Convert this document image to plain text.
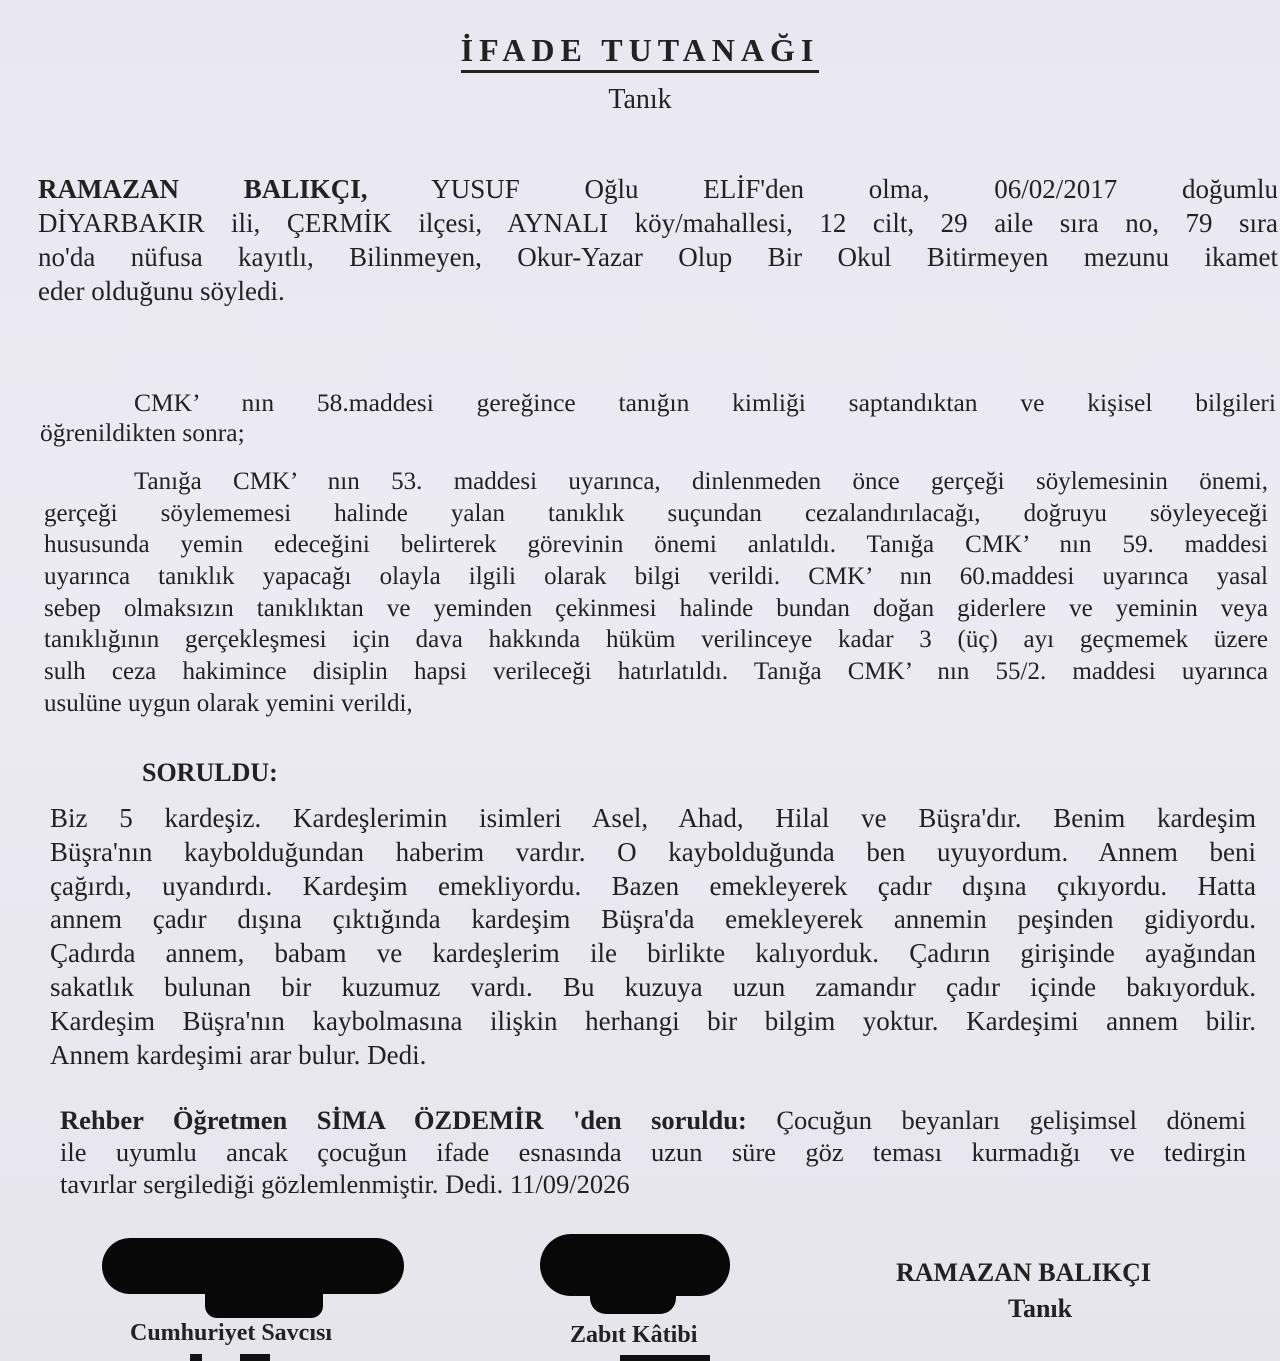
İFADE TUTANAĞI
Tanık
RAMAZAN BALIKÇI, YUSUF Oğlu ELİF'den olma, 06/02/2017 doğumlu
DİYARBAKIR ili, ÇERMİK ilçesi, AYNALI köy/mahallesi, 12 cilt, 29 aile sıra no, 79 sıra
no'da nüfusa kayıtlı, Bilinmeyen, Okur-Yazar Olup Bir Okul Bitirmeyen mezunu ikamet
eder olduğunu söyledi.
CMK’ nın 58.maddesi gereğince tanığın kimliği saptandıktan ve kişisel bilgileri
öğrenildikten sonra;
Tanığa CMK’ nın 53. maddesi uyarınca, dinlenmeden önce gerçeği söylemesinin önemi,
gerçeği söylememesi halinde yalan tanıklık suçundan cezalandırılacağı, doğruyu söyleyeceği
hususunda yemin edeceğini belirterek görevinin önemi anlatıldı. Tanığa CMK’ nın 59. maddesi
uyarınca tanıklık yapacağı olayla ilgili olarak bilgi verildi. CMK’ nın 60.maddesi uyarınca yasal
sebep olmaksızın tanıklıktan ve yeminden çekinmesi halinde bundan doğan giderlere ve yeminin veya
tanıklığının gerçekleşmesi için dava hakkında hüküm verilinceye kadar 3 (üç) ayı geçmemek üzere
sulh ceza hakimince disiplin hapsi verileceği hatırlatıldı. Tanığa CMK’ nın 55/2. maddesi uyarınca
usulüne uygun olarak yemini verildi,
SORULDU:
Biz 5 kardeşiz. Kardeşlerimin isimleri Asel, Ahad, Hilal ve Büşra'dır. Benim kardeşim
Büşra'nın kaybolduğundan haberim vardır. O kaybolduğunda ben uyuyordum. Annem beni
çağırdı, uyandırdı. Kardeşim emekliyordu. Bazen emekleyerek çadır dışına çıkıyordu. Hatta
annem çadır dışına çıktığında kardeşim Büşra'da emekleyerek annemin peşinden gidiyordu.
Çadırda annem, babam ve kardeşlerim ile birlikte kalıyorduk. Çadırın girişinde ayağından
sakatlık bulunan bir kuzumuz vardı. Bu kuzuya uzun zamandır çadır içinde bakıyorduk.
Kardeşim Büşra'nın kaybolmasına ilişkin herhangi bir bilgim yoktur. Kardeşimi annem bilir.
Annem kardeşimi arar bulur. Dedi.
Rehber Öğretmen SİMA ÖZDEMİR 'den soruldu: Çocuğun beyanları gelişimsel dönemi
ile uyumlu ancak çocuğun ifade esnasında uzun süre göz teması kurmadığı ve tedirgin
tavırlar sergilediği gözlemlenmiştir. Dedi. 11/09/2026
Cumhuriyet Savcısı	Zabıt Kâtibi
RAMAZAN BALIKÇI
Tanık
